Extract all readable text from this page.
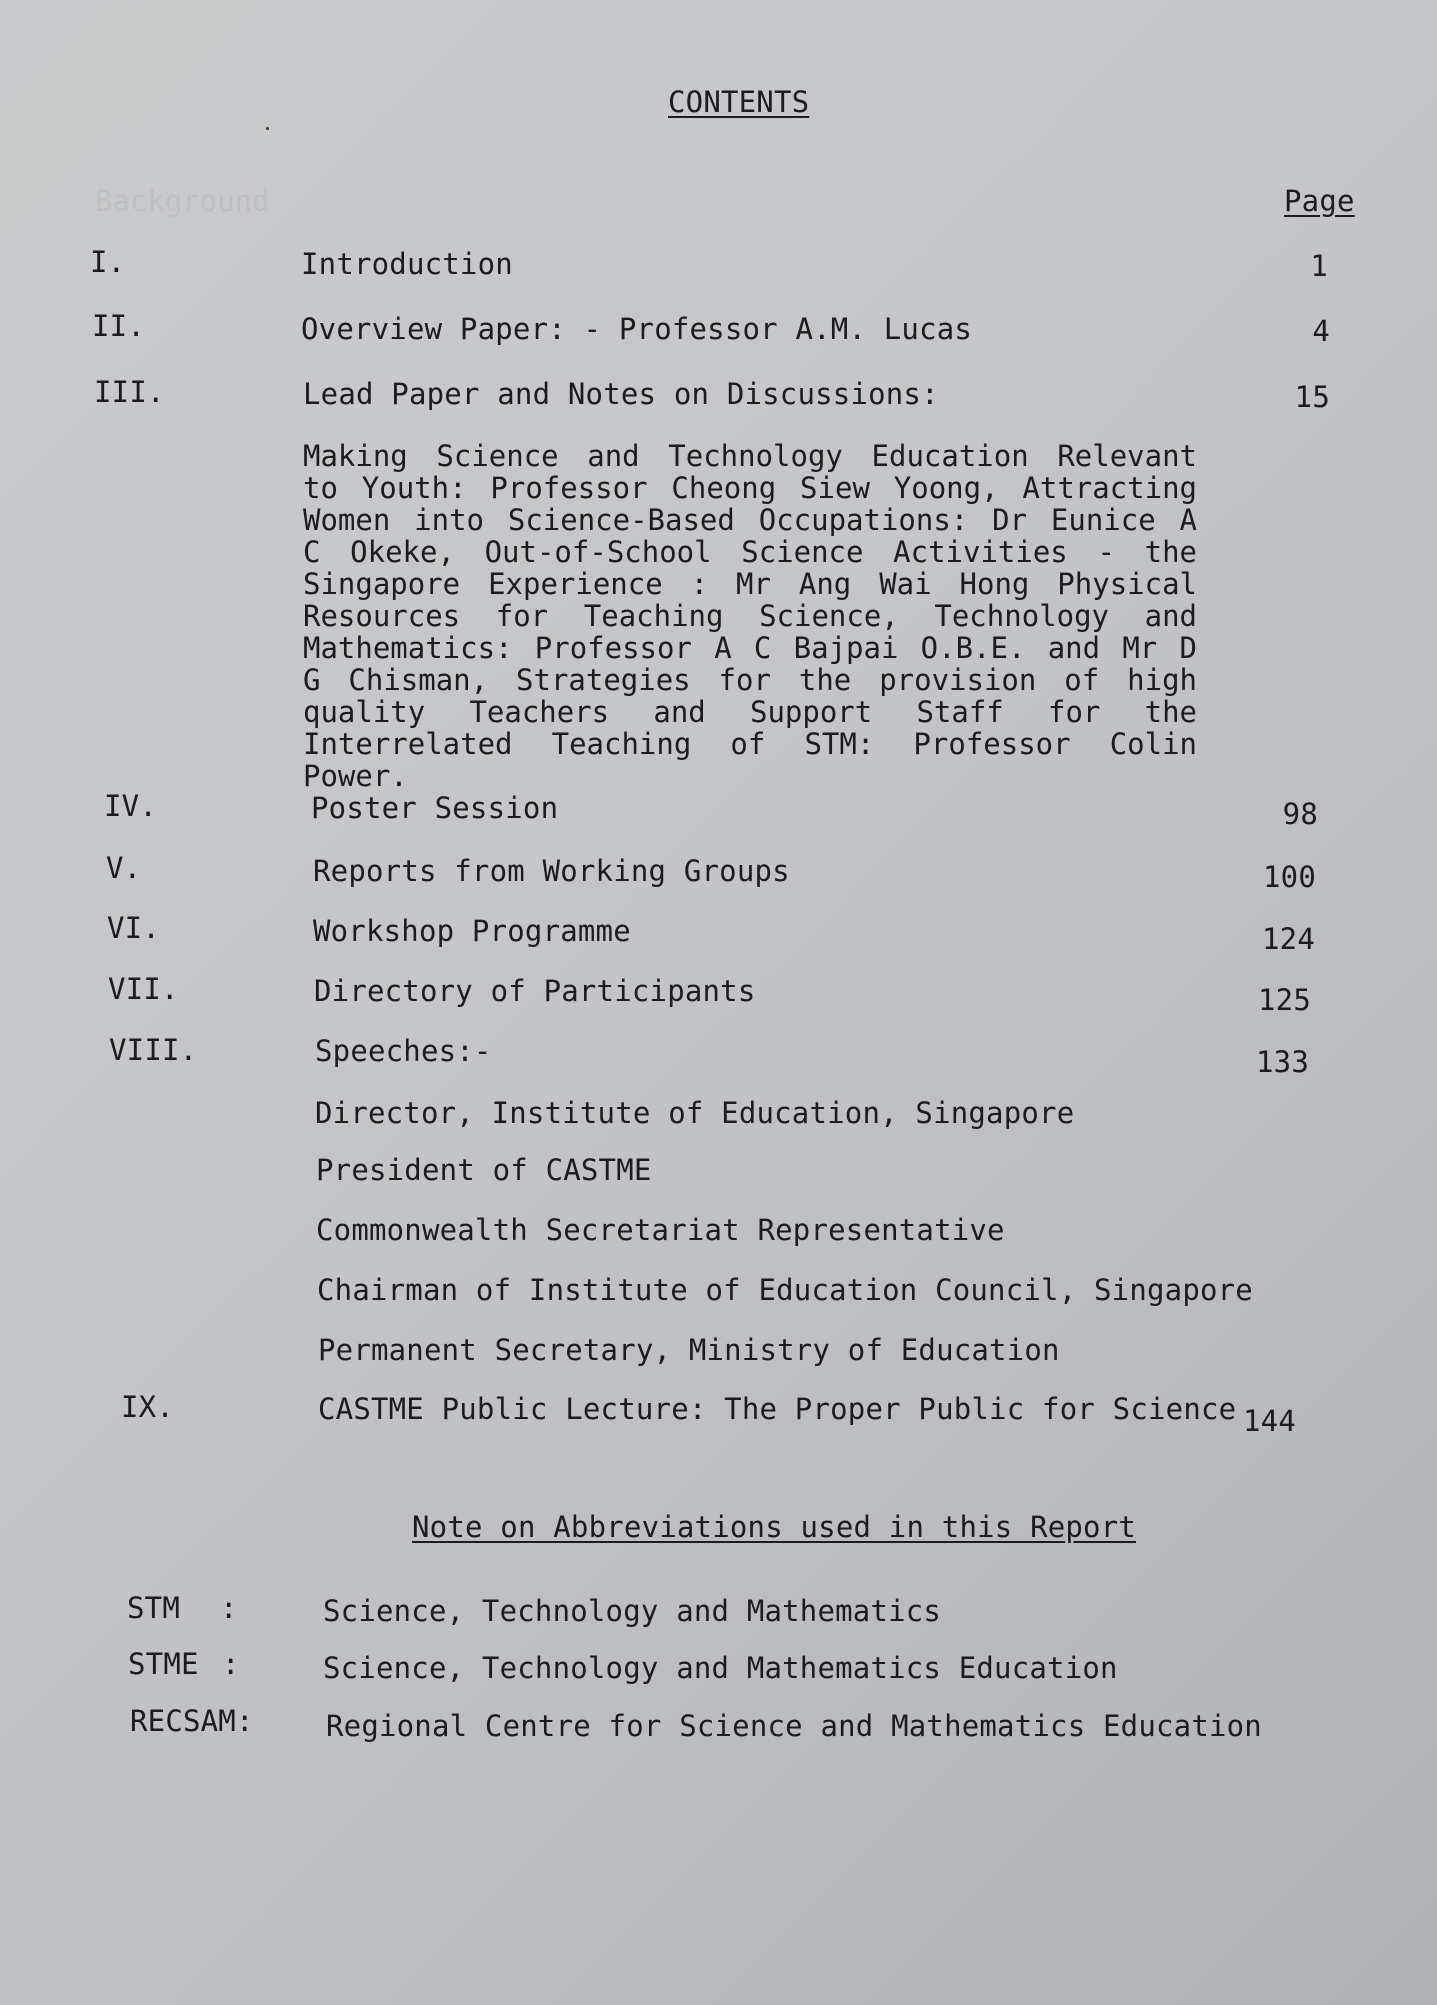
Background
CONTENTS
Page
I.	Introduction	1
II.	Overview Paper: - Professor A.M. Lucas	4
III.	Lead Paper and Notes on Discussions:	15
Making Science and Technology Education Relevant to Youth: Professor Cheong Siew Yoong, Attracting Women into Science-Based Occupations: Dr Eunice A C Okeke, Out-of-School Science Activities - the Singapore Experience : Mr Ang Wai Hong Physical Resources for Teaching Science, Technology and Mathematics: Professor A C Bajpai O.B.E. and Mr D G Chisman, Strategies for the provision of high quality Teachers and Support Staff for the Interrelated Teaching of STM: Professor Colin Power.
IV.	Poster Session	98
V.	Reports from Working Groups	100
VI.	Workshop Programme	124
VII.	Directory of Participants	125
VIII.	Speeches:-	133
Director, Institute of Education, Singapore
President of CASTME
Commonwealth Secretariat Representative
Chairman of Institute of Education Council, Singapore
Permanent Secretary, Ministry of Education
IX.	CASTME Public Lecture: The Proper Public for Science 144
Note on Abbreviations used in this Report
STM :	Science, Technology and Mathematics
STME :	Science, Technology and Mathematics Education
RECSAM: Regional Centre for Science and Mathematics Education
